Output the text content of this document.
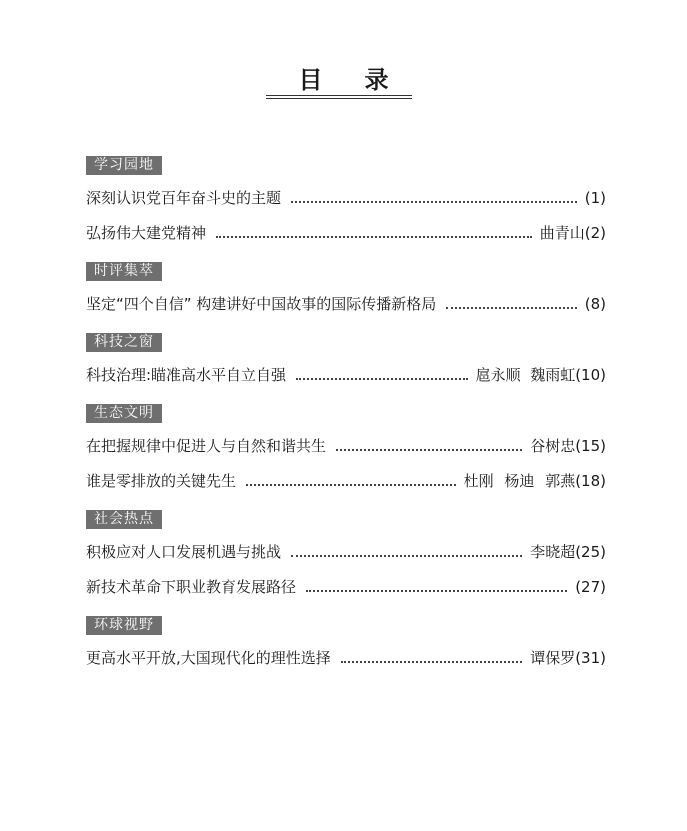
目录
学习园地
深刻认识党百年奋斗史的主题	(1)
弘扬伟大建党精神	曲青山 (2)
时评集萃
坚定“四个自信” 构建讲好中国故事的国际传播新格局	(8)
科技之窗
科技治理:瞄准高水平自立自强	扈永顺  魏雨虹 (10)
生态文明
在把握规律中促进人与自然和谐共生	谷树忠 (15)
谁是零排放的关键先生	杜刚 杨迪 郭燕 (18)
社会热点
积极应对人口发展机遇与挑战	李晓超 (25)
新技术革命下职业教育发展路径	(27)
环球视野
更高水平开放,大国现代化的理性选择	谭保罗 (31)
